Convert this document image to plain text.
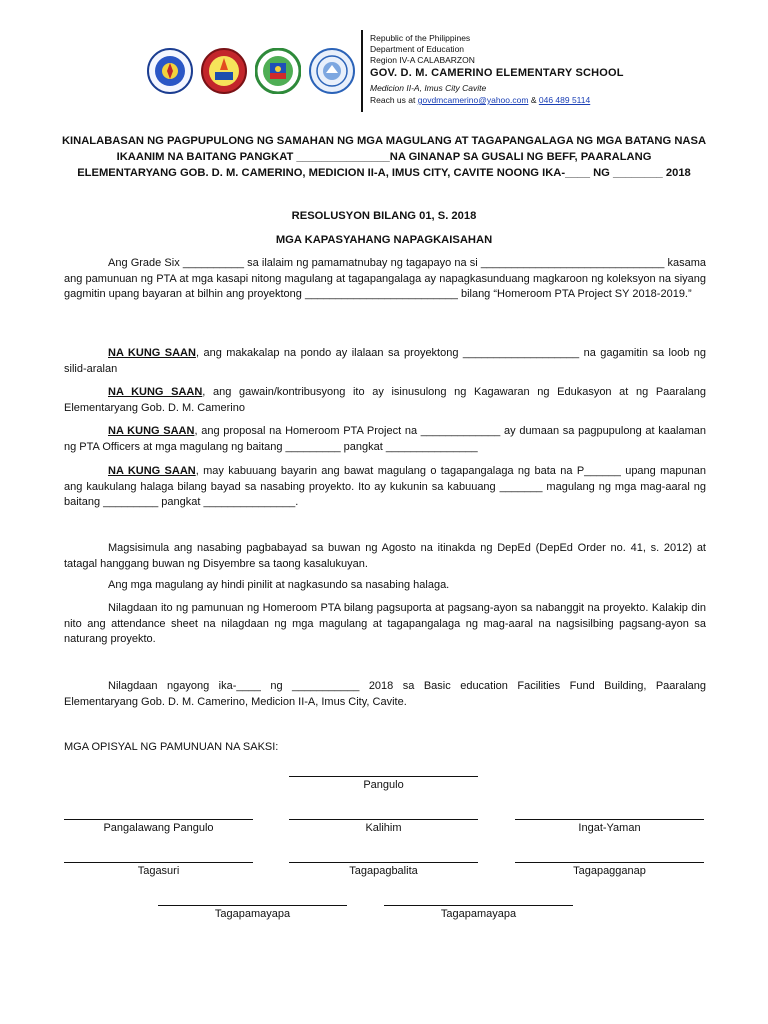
Republic of the Philippines
Department of Education
Region IV-A CALABARZON
GOV. D. M. CAMERINO ELEMENTARY SCHOOL
Medicion II-A, Imus City Cavite
Reach us at govdmcamerino@yahoo.com & 046 489 5114
KINALABASAN NG PAGPUPULONG NG SAMAHAN NG MGA MAGULANG AT TAGAPANGALAGA NG MGA BATANG NASA
IKAANIM NA BAITANG PANGKAT _______________NA GINANAP SA GUSALI NG BEFF, PAARALANG
ELEMENTARYANG GOB. D. M. CAMERINO, MEDICION II-A, IMUS CITY, CAVITE NOONG IKA-____ NG ________ 2018
RESOLUSYON BILANG 01, S. 2018
MGA KAPASYAHANG NAPAGKAISAHAN
Ang Grade Six __________ sa ilalaim ng pamamatnubay ng tagapayo na si ______________________________ kasama ang pamunuan ng PTA at mga kasapi nitong magulang at tagapangalaga ay napagkasunduang magkaroon ng koleksyon na siyang gagmitin upang bayaran at bilhin ang proyektong _________________________ bilang “Homeroom PTA Project SY 2018-2019.”
NA KUNG SAAN, ang makakalap na pondo ay ilalaan sa proyektong ___________________ na gagamitin sa loob ng silid-aralan
NA KUNG SAAN, ang gawain/kontribusyong ito ay isinusulong ng Kagawaran ng Edukasyon at ng Paaralang Elementaryang Gob. D. M. Camerino
NA KUNG SAAN, ang proposal na Homeroom PTA Project na _____________ ay dumaan sa pagpupulong at kaalaman ng PTA Officers at mga magulang ng baitang _________ pangkat _______________
NA KUNG SAAN, may kabuuang bayarin ang bawat magulang o tagapangalaga ng bata na P______ upang mapunan ang kaukulang halaga bilang bayad sa nasabing proyekto. Ito ay kukunin sa kabuuang _______ magulang ng mga mag-aaral ng baitang _________ pangkat _______________.
Magsisimula ang nasabing pagbabayad sa buwan ng Agosto na itinakda ng DepEd (DepEd Order no. 41, s. 2012) at tatagal hanggang buwan ng Disyembre sa taong kasalukuyan.
Ang mga magulang ay hindi pinilit at nagkasundo sa nasabing halaga.
Nilagdaan ito ng pamunuan ng Homeroom PTA bilang pagsuporta at pagsang-ayon sa nabanggit na proyekto. Kalakip din nito ang attendance sheet na nilagdaan ng mga magulang at tagapangalaga ng mag-aaral na nagsisilbing pagsang-ayon sa naturang proyekto.
Nilagdaan ngayong ika-____ ng ___________ 2018 sa Basic education Facilities Fund Building, Paaralang Elementaryang Gob. D. M. Camerino, Medicion II-A, Imus City, Cavite.
MGA OPISYAL NG PAMUNUAN NA SAKSI:
Pangulo
Pangalawang Pangulo	Kalihim	Ingat-Yaman
Tagasuri	Tagapagbalita	Tagapagganap
Tagapamayapa	Tagapamayapa
